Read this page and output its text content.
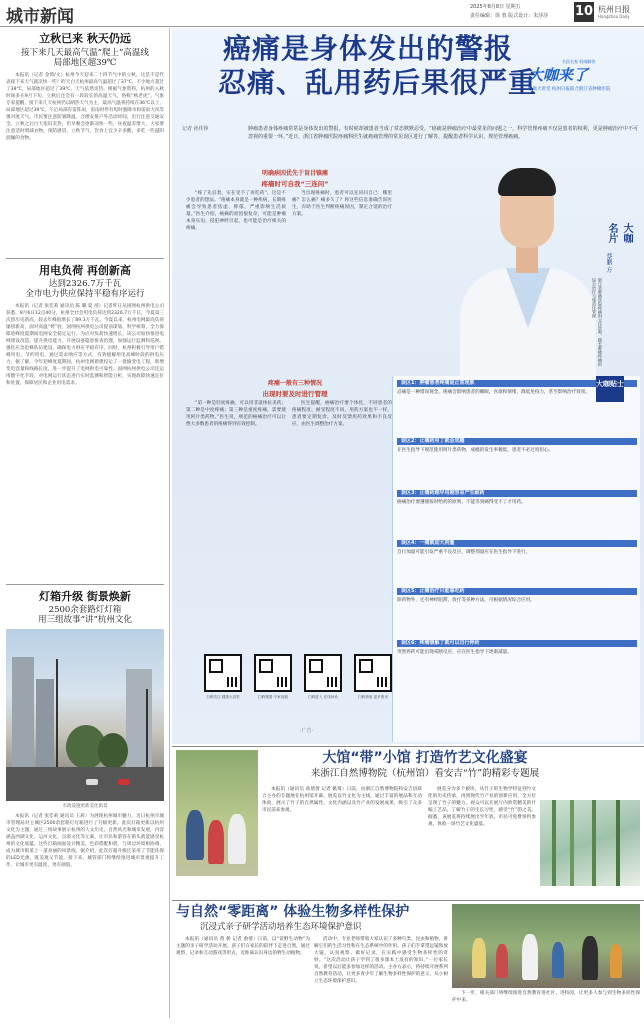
城市新闻	2025年8月8日 星期五
责任编辑：徐 蓉 版式设计：朱莎莎 10 杭州日报
Hangzhou Daily
立秋已来 秋天仍远
接下来几天最高气温“爬上”高温线
局部地区超39℃
本报讯（记者 金倚/文）杭州今天迎来二十四节气中的立秋，这是不是代表接下来天气就凉快一些？昨天白天杭州最高气温超过了37℃，不少地方超过了38℃，局部地区超过了39℃，天气依然炎热。根据气象资料，杭州的入秋时间多在9月下旬，立秋后还会有一段较长的高温天气，俗称“秋老虎”。气象专家提醒，接下来几天杭州仍以晴热天气为主，最高气温将持续在36℃以上，局部地区超过39℃，午后局部有雷阵雨，雷雨时伴有短时强降水和雷雨大风等强对流天气。市民要注意防暑降温，合理安排户外活动时间，出行注意交通安全。立秋之后白天依旧炎热，但早晚会逐渐凉快一些，昼夜温差增大，大家要注意适时增减衣物，预防感冒。立秋节气，饮食上宜少辛多酸，多吃一些滋阴润燥的食物。
用电负荷 再创新高
达到2326.7万千瓦
全市电力供应保持平稳有序运行
本报讯（记者 张佳莉 通讯员 陈 璐 夏 靖）记者昨日从国网杭州供电公司获悉，8月6日12点40分，杭州全社会用电负荷达到2326.7万千瓦，今夏第三次创历史新高，较去年峰值增长了89.3万千瓦。今夏以来，杭州电网最高负荷屡创新高，面对高温“烤”验，国网杭州供电公司提前谋划、科学统筹，全力保障迎峰度夏期间电网安全稳定运行。为应对负荷快速增长，该公司加快推进电网建设改造，提升供电能力，开展设备隐患排查治理，加强运行监测和巡视，强化应急抢修队伍建设，确保电力供应平稳有序。同时，杭州积极引导用户错峰用电、节约用电，通过需求响应等方式，有效缓解用电高峰时段的供电压力。据了解，今年迎峰度夏期间，杭州电网新建投运了一批输变电工程，新增变电容量和线路长度，进一步提升了电网供电可靠性。国网杭州供电公司还运用数字化手段，对电网运行状态进行实时监测和智能分析，实现故障快速定位和处置，保障居民和企业用电需求。
灯箱升级 街景焕新
2500余套路灯灯箱
用三组故事“讲”杭州文化
市政设施更新美化街景
本报讯（记者 张佳莉 通讯员 王莉）为展现杭州城市魅力，近日杭州市城市管理局对主城区2500余套路灯灯箱进行了升级更新。此次灯箱更新以杭州文化为主题，通过三组故事展示杭州的人文历史、自然风光和城市发展，内容涵盖西湖文化、运河文化、良渚文化等元素，让市民和游客在街头就能感受杭州的文化底蕴。这些灯箱画面设计精美，色彩搭配和谐，与周边环境相协调，成为城市街道上一道亮丽的风景线。据介绍，此次灯箱升级还采用了节能环保的LED光源，既美观又节能。接下来，城管部门将继续推进城市景观提升工作，让城市更有温度、更有颜值。
癌痛是身体发出的警报
忍痛、乱用药后果很严重
名医名家 权威解答
大咖来了
健康大讲堂 杭州日报联合浙江省肿瘤医院
记者 孙佳铮	肿瘤患者身体疼痛常常是身体发出的警报，有时候却被患者当成了常态默默忍受。“癌痛是肿瘤治疗中最常见的问题之一，科学管理疼痛不仅是患者的权利，更是肿瘤治疗中不可忽视的重要一环。”近日，浙江省肿瘤医院疼痛科医生就癌痛管理的常见误区进行了解答，提醒患者科学认识、规范管理癌痛。
大咖名片
蔡鹏 方
浙江省肿瘤医院疼痛科主任医师，擅长肿瘤疼痛的综合治疗与规范化管理
明确病因优先于盲目镇痛
疼痛时可自我“三连问”
“疼了先忍着，实在受不了再吃药”，这是不少患者的想法。“疼痛本身就是一种疾病，长期疼痛会导致患者焦虑、抑郁，严重影响生活质量。”医生介绍，癌痛的原因很复杂，可能是肿瘤本身压迫、侵犯神经引起，也可能是治疗相关的疼痛。
当出现疼痛时，患者可以先问问自己：哪里痛？怎么痛？痛多久了？将这些信息准确告诉医生，有助于医生判断疼痛原因，制定合适的治疗方案。
疼痛一般有三种情况
出现时要及时进行管理
“第一种是轻度疼痛，可以用非甾体抗炎药；第二种是中度疼痛；第三种是重度疼痛，需要使用阿片类药物。”医生说，规范的癌痛治疗可以让绝大多数患者的疼痛得到有效控制。
医生提醒，癌痛治疗要个体化，不同患者的疼痛程度、耐受程度不同，用药方案也不一样。患者要定期复诊，及时反馈用药效果和不良反应，由医生调整治疗方案。
误区1：肿瘤患者疼痛是正常现象
忍痛是一种错误观念，疼痛会影响患者的睡眠、食欲和情绪，降低免疫力，甚至影响治疗效果。
误区2：止痛药用了就会成瘾
在医生指导下规范使用阿片类药物，成瘾的发生率极低，患者不必过度担心。
误区3：止痛药越早用越容易产生耐药
癌痛治疗要遵循按时给药的原则，不能等到痛得受不了才用药。
误区4：一痛就加大剂量
自行加量可能引发严重不良反应，调整剂量应在医生指导下进行。
误区5：止痛治疗只能靠吃药
除药物外，还有神经阻滞、放疗等多种方法，可根据情况综合应用。
误区6：疼痛缓解了就可以自行停药
突然停药可能出现戒断反应，应在医生指导下逐渐减量。
大咖贴士
扫码关注 健康大讲堂	扫码观看 专家视频	扫码进入 在线问诊	扫码获取 更多资讯
·广告·
大馆“带”小馆 打造竹艺文化盛宴
来浙江自然博物院（杭州馆）看安吉“竹”韵精彩专题展
本报讯（通讯员 高倩倩 记者 姚琦）日前，由浙江自然博物院和安吉县联合主办的专题展在杭州馆开幕。展览以竹文化为主线，通过丰富的展品和互动体验，展示了竹子的自然属性、文化内涵以及竹产业的发展成果，吸引了众多市民前来参观。
展览分为多个板块，从竹子的生物学特征到竹文化的历史传承，再到现代竹产业的创新应用，全方位呈现了竹子的魅力。观众可以在展厅内欣赏精美的竹编工艺品，了解竹子的生长习性，感受“竹”韵之美。据悉，该展览将持续展出至年底，市民可免费预约参观，体验一场竹艺文化盛宴。
与自然“零距离” 体验生物多样性保护
沉浸式亲子研学活动培养生态环境保护意识
本报讯（通讯员 黄 桥 记者 俞倩）日前，以“读野生动物”为主题的亲子研学活动开展。孩子们在家长的陪伴下走进自然，通过观察、记录和互动游戏等形式，近距离认识身边的野生动植物。
活动中，专业老师带领大家认识了多种鸟类、昆虫和植物，讲解它们的生活习性和在生态系统中的作用。孩子们手拿望远镜和放大镜，认真观察、做好记录，在实践中感受生物多样性的奇妙。“这次活动让孩子学到了很多课本上没有的知识。”一位家长说，希望以后能多参加这样的活动。主办方表示，将持续开展系列自然教育活动，让更多青少年了解生物多样性保护的意义，从小树立生态环境保护意识。
下一步，相关部门将继续推进自然教育进社区、进校园，让更多人参与到生物多样性保护中来。
